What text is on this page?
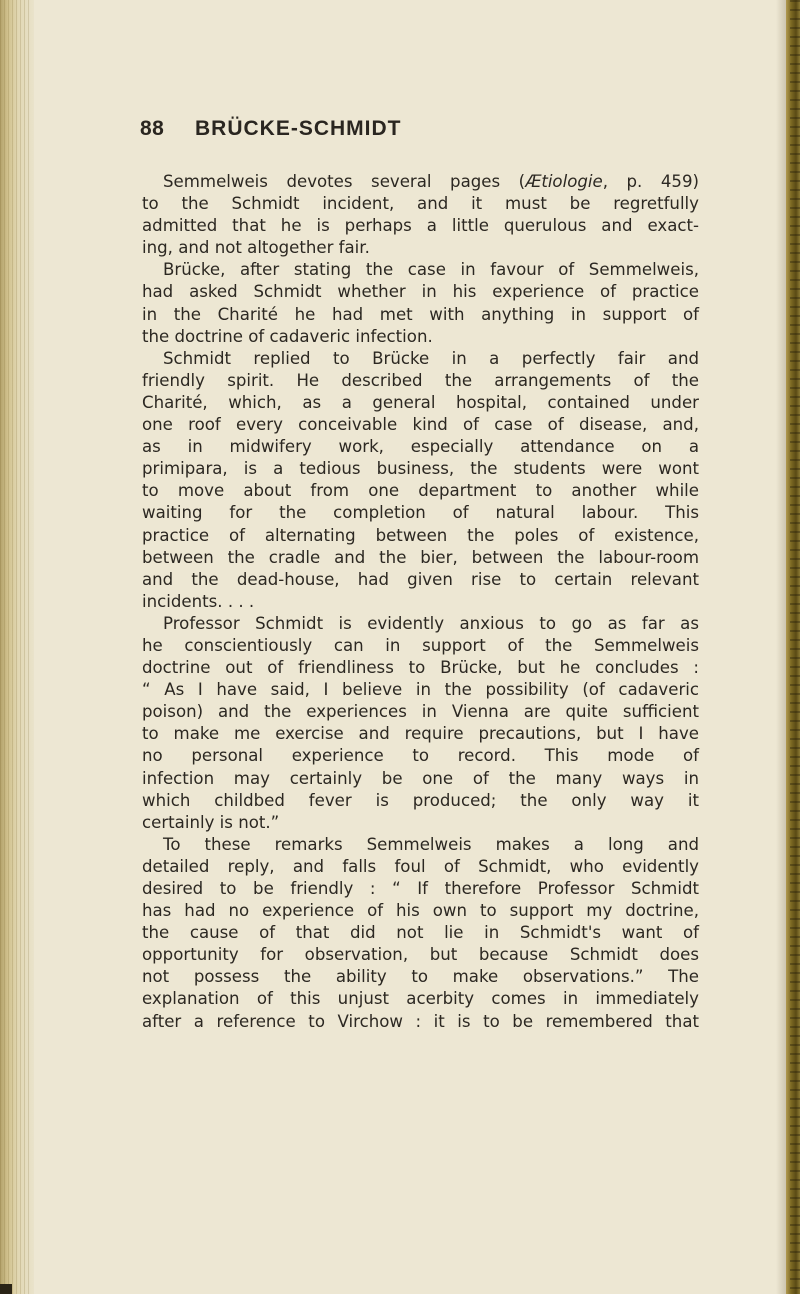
88 BRÜCKE-SCHMIDT
Semmelweis devotes several pages (Ætiologie, p. 459)
to the Schmidt incident, and it must be regretfully
admitted that he is perhaps a little querulous and exact-
ing, and not altogether fair.
Brücke, after stating the case in favour of Semmelweis,
had asked Schmidt whether in his experience of practice
in the Charité he had met with anything in support of
the doctrine of cadaveric infection.
Schmidt replied to Brücke in a perfectly fair and
friendly spirit. He described the arrangements of the
Charité, which, as a general hospital, contained under
one roof every conceivable kind of case of disease, and,
as in midwifery work, especially attendance on a
primipara, is a tedious business, the students were wont
to move about from one department to another while
waiting for the completion of natural labour. This
practice of alternating between the poles of existence,
between the cradle and the bier, between the labour-room
and the dead-house, had given rise to certain relevant
incidents. . . .
Professor Schmidt is evidently anxious to go as far as
he conscientiously can in support of the Semmelweis
doctrine out of friendliness to Brücke, but he concludes :
“ As I have said, I believe in the possibility (of cadaveric
poison) and the experiences in Vienna are quite sufficient
to make me exercise and require precautions, but I have
no personal experience to record. This mode of
infection may certainly be one of the many ways in
which childbed fever is produced; the only way it
certainly is not.”
To these remarks Semmelweis makes a long and
detailed reply, and falls foul of Schmidt, who evidently
desired to be friendly : “ If therefore Professor Schmidt
has had no experience of his own to support my doctrine,
the cause of that did not lie in Schmidt's want of
opportunity for observation, but because Schmidt does
not possess the ability to make observations.” The
explanation of this unjust acerbity comes in immediately
after a reference to Virchow : it is to be remembered that
